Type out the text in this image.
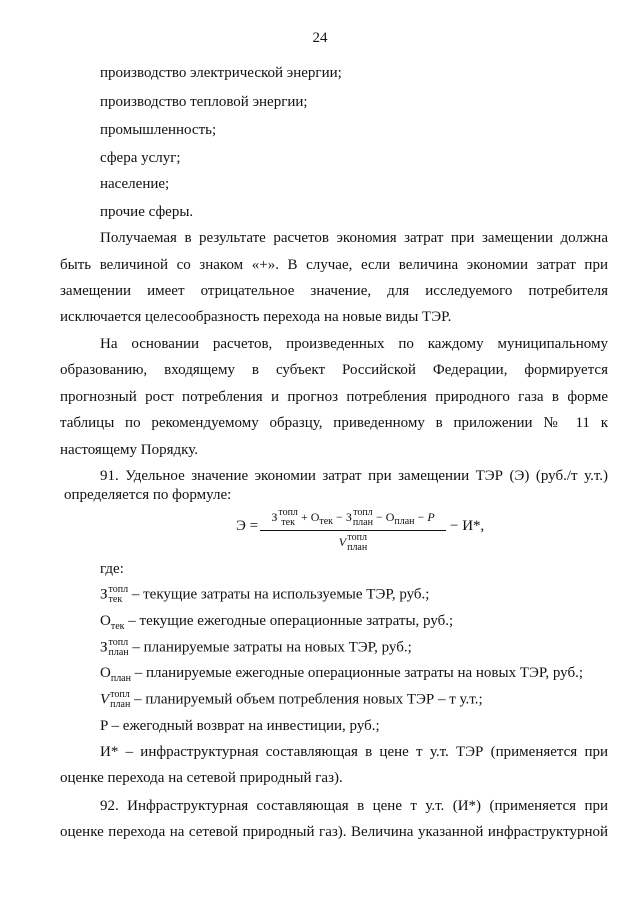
24
производство электрической энергии;
производство тепловой энергии;
промышленность;
сфера услуг;
население;
прочие сферы.
Получаемая в результате расчетов экономия затрат при замещении должна
быть величиной со знаком «+». В случае, если величина экономии затрат при
замещении имеет отрицательное значение, для исследуемого потребителя
исключается целесообразность перехода на новые виды ТЭР.
На основании расчетов, произведенных по каждому муниципальному
образованию, входящему в субъект Российской Федерации, формируется
прогнозный рост потребления и прогноз потребления природного газа в форме
таблицы по рекомендуемому образцу, приведенному в приложении № 11 к
настоящему Порядку.
91. Удельное значение экономии затрат при замещении ТЭР (Э) (руб./т у.т.)
определяется по формуле:
Э =
З топл
тек + $О_{тек} - З$ топл
план − $О_{план} - P$
V топл
план
− И*,
где:
З топл
тек – текущие затраты на используемые ТЭР, руб.;
$О_{тек}$ – текущие ежегодные операционные затраты, руб.;
З топл
план – планируемые затраты на новых ТЭР, руб.;
$О_{план}$ – планируемые ежегодные операционные затраты на новых ТЭР, руб.;
V топл
план – планируемый объем потребления новых ТЭР – т у.т.;
P – ежегодный возврат на инвестиции, руб.;
И* – инфраструктурная составляющая в цене т у.т. ТЭР (применяется при
оценке перехода на сетевой природный газ).
92. Инфраструктурная составляющая в цене т у.т. (И*) (применяется при
оценке перехода на сетевой природный газ). Величина указанной инфраструктурной
